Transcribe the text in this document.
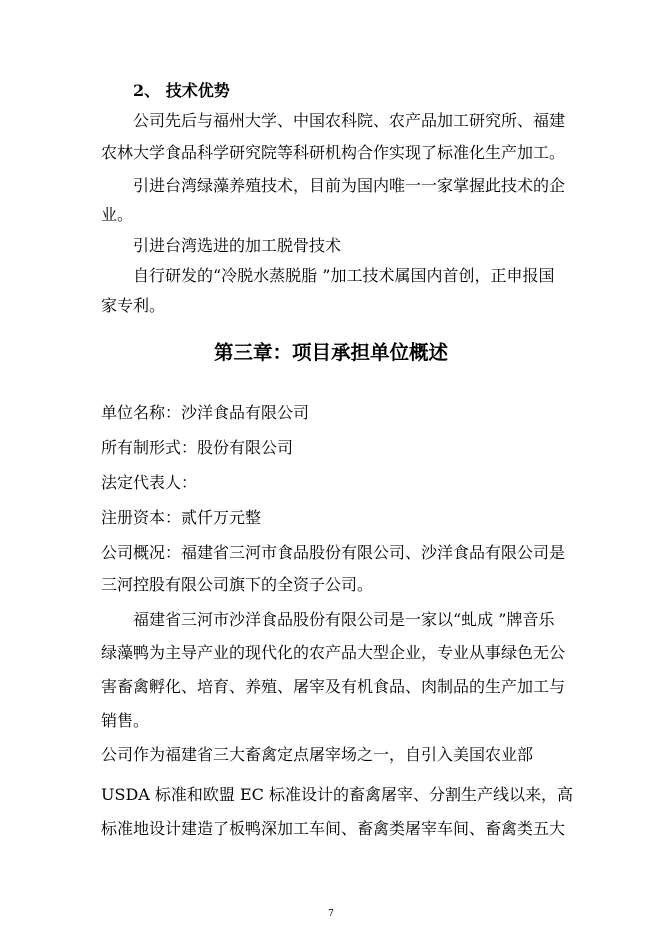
2、 技术优势
公司先后与福州大学、中国农科院、农产品加工研究所、福建
农林大学食品科学研究院等科研机构合作实现了标准化生产加工。
引进台湾绿藻养殖技术，目前为国内唯一一家掌握此技术的企
业。
引进台湾选进的加工脱骨技术
自行研发的“冷脱水蒸脱脂 ”加工技术属国内首创，正申报国
家专利。
第三章：项目承担单位概述
单位名称：沙洋食品有限公司
所有制形式：股份有限公司
法定代表人：
注册资本：贰仟万元整
公司概况：福建省三河市食品股份有限公司、沙洋食品有限公司是
三河控股有限公司旗下的全资子公司。
福建省三河市沙洋食品股份有限公司是一家以“虬成 ”牌音乐
绿藻鸭为主导产业的现代化的农产品大型企业，专业从事绿色无公
害畜禽孵化、培育、养殖、屠宰及有机食品、肉制品的生产加工与
销售。
公司作为福建省三大畜禽定点屠宰场之一，自引入美国农业部
USDA 标准和欧盟 EC 标准设计的畜禽屠宰、分割生产线以来，高
标准地设计建造了板鸭深加工车间、畜禽类屠宰车间、畜禽类五大
7
